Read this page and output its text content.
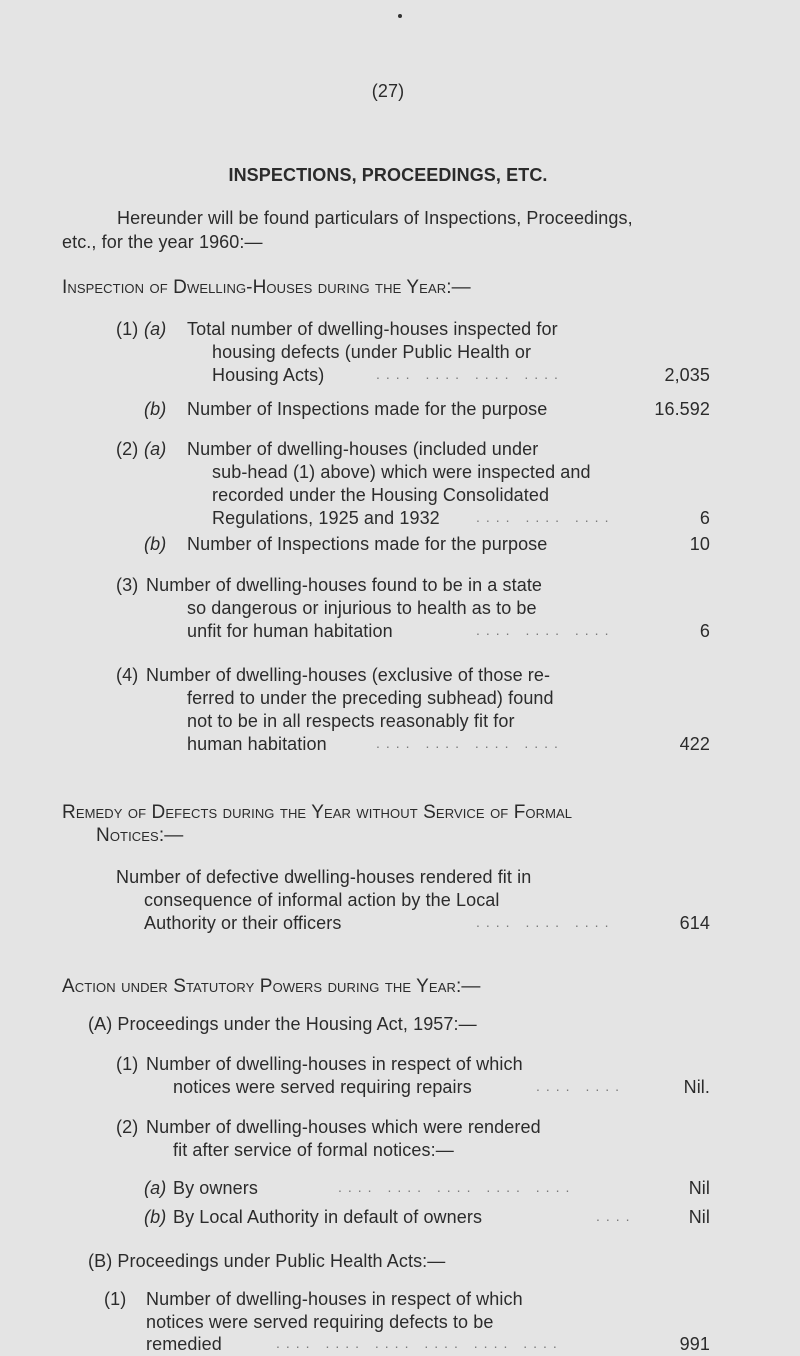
(27)
INSPECTIONS, PROCEEDINGS, ETC.
Hereunder will be found particulars of Inspections, Proceedings,
etc., for the year 1960:—
Inspection of Dwelling-Houses during the Year:—
(1) (a) Total number of dwelling-houses inspected for
housing defects (under Public Health or
Housing Acts)	.... .... .... ....	2,035
(b) Number of Inspections made for the purpose	16.592
(2) (a) Number of dwelling-houses (included under
sub-head (1) above) which were inspected and
recorded under the Housing Consolidated
Regulations, 1925 and 1932	.... .... ....	6
(b) Number of Inspections made for the purpose	10
(3) Number of dwelling-houses found to be in a state
so dangerous or injurious to health as to be
unfit for human habitation	.... .... ....	6
(4) Number of dwelling-houses (exclusive of those re-
ferred to under the preceding subhead) found
not to be in all respects reasonably fit for
human habitation	.... .... .... ....	422
Remedy of Defects during the Year without Service of Formal
Notices:—
Number of defective dwelling-houses rendered fit in
consequence of informal action by the Local
Authority or their officers	.... .... ....	614
Action under Statutory Powers during the Year:—
(A) Proceedings under the Housing Act, 1957:—
(1) Number of dwelling-houses in respect of which
notices were served requiring repairs	.... ....	Nil.
(2) Number of dwelling-houses which were rendered
fit after service of formal notices:—
(a) By owners	.... .... .... .... ....	Nil
(b) By Local Authority in default of owners	....	Nil
(B) Proceedings under Public Health Acts:—
(1) Number of dwelling-houses in respect of which
notices were served requiring defects to be
remedied	.... .... .... .... .... ....	991
